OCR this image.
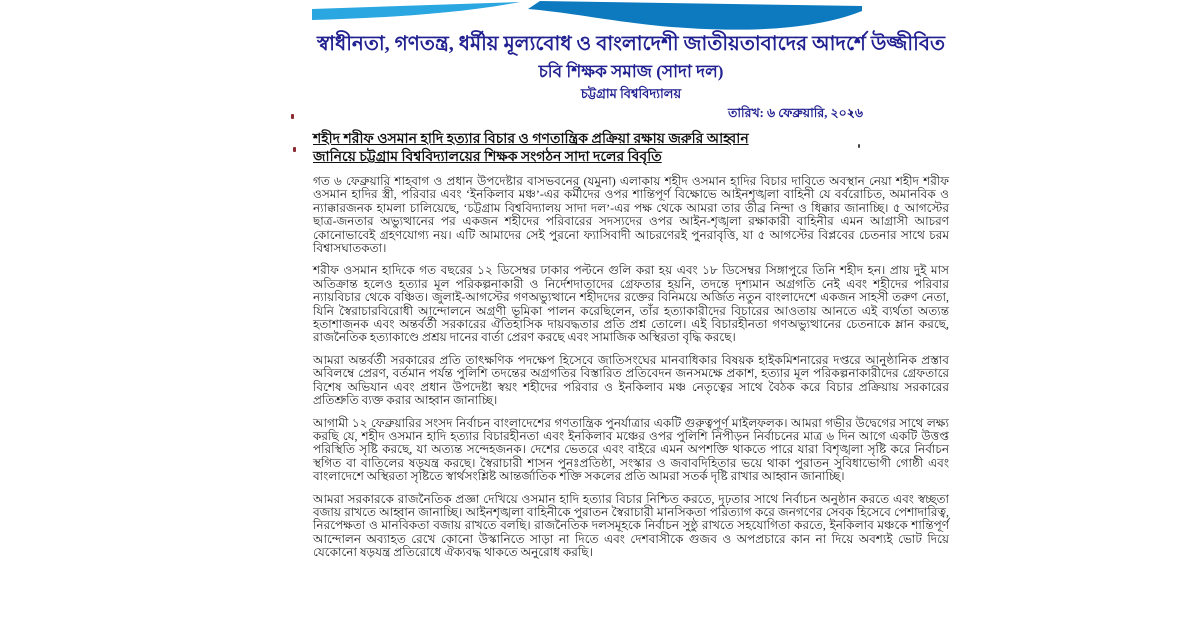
স্বাধীনতা, গণতন্ত্র, ধর্মীয় মূল্যবোধ ও বাংলাদেশী জাতীয়তাবাদের আদর্শে উজ্জীবিত
চবি শিক্ষক সমাজ (সাদা দল)
চট্টগ্রাম বিশ্ববিদ্যালয়
তারিখ: ৬ ফেব্রুয়ারি, ২০২৬
শহীদ শরীফ ওসমান হাদি হত্যার বিচার ও গণতান্ত্রিক প্রক্রিয়া রক্ষায় জরুরি আহ্বান
জানিয়ে চট্টগ্রাম বিশ্ববিদ্যালয়ের শিক্ষক সংগঠন সাদা দলের বিবৃতি

গত ৬ ফেব্রুয়ারি শাহবাগ ও প্রধান উপদেষ্টার বাসভবনের (যমুনা) এলাকায় শহীদ ওসমান হাদির বিচার দাবিতে অবস্থান নেয়া শহীদ শরীফ ওসমান হাদির স্ত্রী, পরিবার এবং ‘ইনকিলাব মঞ্চ’-এর কর্মীদের ওপর শান্তিপূর্ণ বিক্ষোভে আইনশৃঙ্খলা বাহিনী যে বর্বরোচিত, অমানবিক ও ন্যাক্কারজনক হামলা চালিয়েছে, ‘চট্টগ্রাম বিশ্ববিদ্যালয় সাদা দল’-এর পক্ষ থেকে আমরা তার তীব্র নিন্দা ও ধিক্কার জানাচ্ছি। ৫ আগস্টের ছাত্র-জনতার অভ্যুত্থানের পর একজন শহীদের পরিবারের সদস্যদের ওপর আইন-শৃঙ্খলা রক্ষাকারী বাহিনীর এমন আগ্রাসী আচরণ কোনোভাবেই গ্রহণযোগ্য নয়। এটি আমাদের সেই পুরনো ফ্যাসিবাদী আচরণেরই পুনরাবৃত্তি, যা ৫ আগস্টের বিপ্লবের চেতনার সাথে চরম বিশ্বাসঘাতকতা।

শরীফ ওসমান হাদিকে গত বছরের ১২ ডিসেম্বর ঢাকার পল্টনে গুলি করা হয় এবং ১৮ ডিসেম্বর সিঙ্গাপুরে তিনি শহীদ হন। প্রায় দুই মাস অতিক্রান্ত হলেও হত্যার মূল পরিকল্পনাকারী ও নির্দেশদাতাদের গ্রেফতার হয়নি, তদন্তে দৃশ্যমান অগ্রগতি নেই এবং শহীদের পরিবার ন্যায়বিচার থেকে বঞ্চিত। জুলাই-আগস্টের গণঅভ্যুত্থানে শহীদদের রক্তের বিনিময়ে অর্জিত নতুন বাংলাদেশে একজন সাহসী তরুণ নেতা, যিনি স্বৈরাচারবিরোধী আন্দোলনে অগ্রণী ভূমিকা পালন করেছিলেন, তাঁর হত্যাকারীদের বিচারের আওতায় আনতে এই ব্যর্থতা অত্যন্ত হতাশাজনক এবং অন্তর্বর্তী সরকারের ঐতিহাসিক দায়বদ্ধতার প্রতি প্রশ্ন তোলে। এই বিচারহীনতা গণঅভ্যুত্থানের চেতনাকে ম্লান করছে, রাজনৈতিক হত্যাকাণ্ডে প্রশ্রয় দানের বার্তা প্রেরণ করছে এবং সামাজিক অস্থিরতা বৃদ্ধি করছে।

আমরা অন্তর্বর্তী সরকারের প্রতি তাৎক্ষণিক পদক্ষেপ হিসেবে জাতিসংঘের মানবাধিকার বিষয়ক হাইকমিশনারের দপ্তরে আনুষ্ঠানিক প্রস্তাব অবিলম্বে প্রেরণ, বর্তমান পর্যন্ত পুলিশি তদন্তের অগ্রগতির বিস্তারিত প্রতিবেদন জনসমক্ষে প্রকাশ, হত্যার মূল পরিকল্পনাকারীদের গ্রেফতারে বিশেষ অভিযান এবং প্রধান উপদেষ্টা স্বয়ং শহীদের পরিবার ও ইনকিলাব মঞ্চ নেতৃত্বের সাথে বৈঠক করে বিচার প্রক্রিয়ায় সরকারের প্রতিশ্রুতি ব্যক্ত করার আহ্বান জানাচ্ছি।

আগামী ১২ ফেব্রুয়ারির সংসদ নির্বাচন বাংলাদেশের গণতান্ত্রিক পুনর্যাত্রার একটি গুরুত্বপূর্ণ মাইলফলক। আমরা গভীর উদ্বেগের সাথে লক্ষ্য করছি যে, শহীদ ওসমান হাদি হত্যার বিচারহীনতা এবং ইনকিলাব মঞ্চের ওপর পুলিশি নিপীড়ন নির্বাচনের মাত্র ৬ দিন আগে একটি উত্তপ্ত পরিস্থিতি সৃষ্টি করছে, যা অত্যন্ত সন্দেহজনক। দেশের ভেতরে এবং বাইরে এমন অপশক্তি থাকতে পারে যারা বিশৃঙ্খলা সৃষ্টি করে নির্বাচন স্থগিত বা বাতিলের ষড়যন্ত্র করছে। স্বৈরাচারী শাসন পুনঃপ্রতিষ্ঠা, সংস্কার ও জবাবদিহিতার ভয়ে থাকা পুরাতন সুবিধাভোগী গোষ্ঠী এবং বাংলাদেশে অস্থিরতা সৃষ্টিতে স্বার্থসংশ্লিষ্ট আন্তর্জাতিক শক্তি সকলের প্রতি আমরা সতর্ক দৃষ্টি রাখার আহ্বান জানাচ্ছি।

আমরা সরকারকে রাজনৈতিক প্রজ্ঞা দেখিয়ে ওসমান হাদি হত্যার বিচার নিশ্চিত করতে, দৃঢ়তার সাথে নির্বাচন অনুষ্ঠান করতে এবং স্বচ্ছতা বজায় রাখতে আহ্বান জানাচ্ছি। আইনশৃঙ্খলা বাহিনীকে পুরাতন স্বৈরাচারী মানসিকতা পরিত্যাগ করে জনগণের সেবক হিসেবে পেশাদারিত্ব, নিরপেক্ষতা ও মানবিকতা বজায় রাখতে বলছি। রাজনৈতিক দলসমূহকে নির্বাচন সুষ্ঠু রাখতে সহযোগিতা করতে, ইনকিলাব মঞ্চকে শান্তিপূর্ণ আন্দোলন অব্যাহত রেখে কোনো উস্কানিতে সাড়া না দিতে এবং দেশবাসীকে গুজব ও অপপ্রচারে কান না দিয়ে অবশ্যই ভোট দিয়ে যেকোনো ষড়যন্ত্র প্রতিরোধে ঐক্যবদ্ধ থাকতে অনুরোধ করছি।
